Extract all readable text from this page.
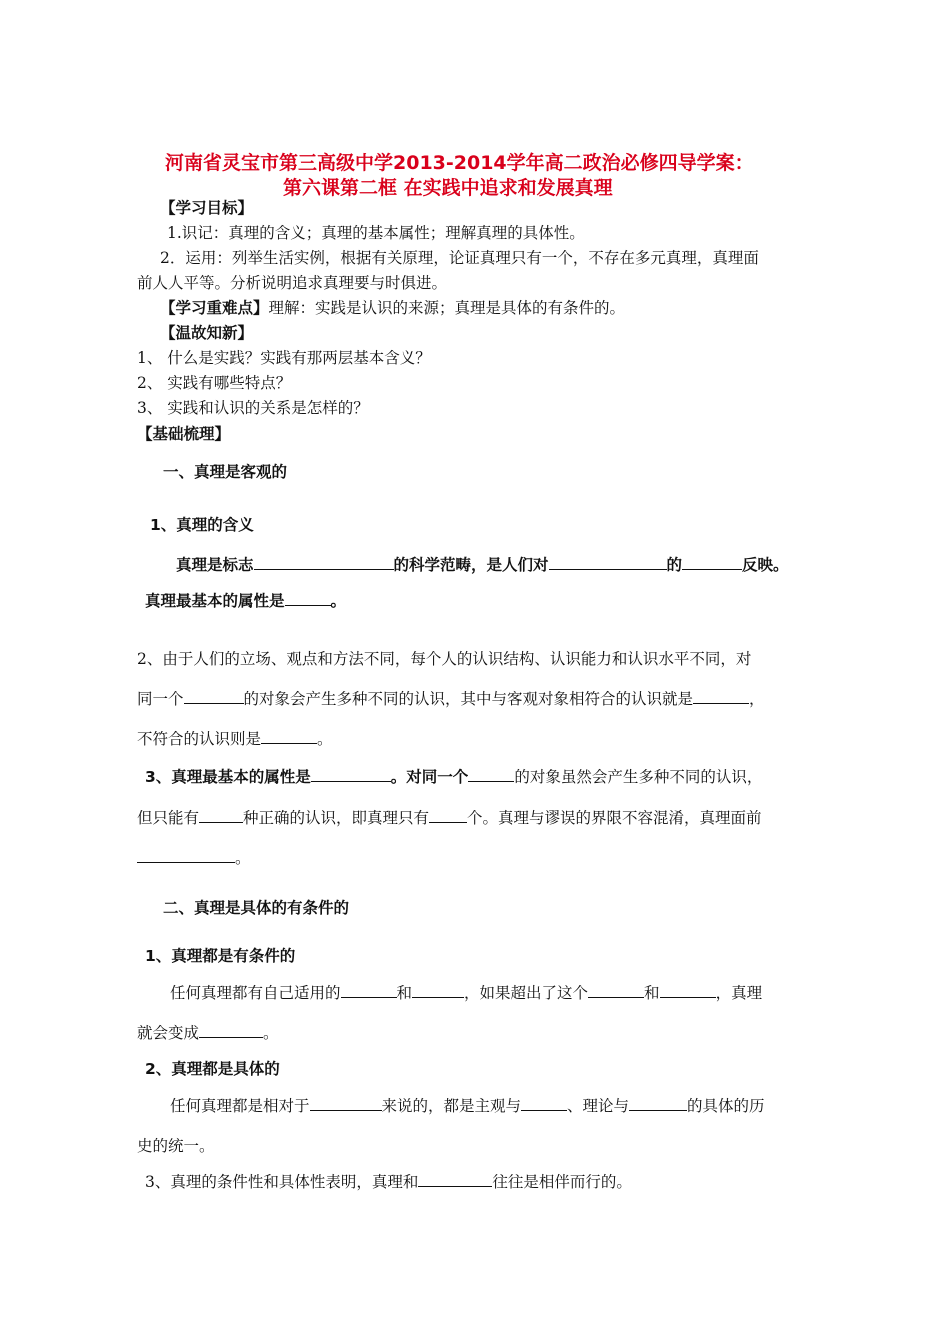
河南省灵宝市第三高级中学2013-2014学年高二政治必修四导学案：
第六课第二框 在实践中追求和发展真理
【学习目标】
1.识记：真理的含义；真理的基本属性；理解真理的具体性。
2．运用：列举生活实例，根据有关原理，论证真理只有一个，不存在多元真理，真理面
前人人平等。分析说明追求真理要与时俱进。
【学习重难点】理解：实践是认识的来源；真理是具体的有条件的。
【温故知新】
1、 什么是实践？实践有那两层基本含义？
2、 实践有哪些特点？
3、 实践和认识的关系是怎样的？
【基础梳理】
一、真理是客观的
1、真理的含义
真理是标志	的科学范畴，是人们对	的	反映。
真理最基本的属性是	。
2、由于人们的立场、观点和方法不同，每个人的认识结构、认识能力和认识水平不同，对
同一个	的对象会产生多种不同的认识，其中与客观对象相符合的认识就是	，
不符合的认识则是	。
3、真理最基本的属性是	。对同一个	的对象虽然会产生多种不同的认识，
但只能有	种正确的认识，即真理只有 个。真理与谬误的界限不容混淆，真理面前
。
二、真理是具体的有条件的
1、真理都是有条件的
任何真理都有自己适用的	和	，如果超出了这个	和	，真理
就会变成	。
2、真理都是具体的
任何真理都是相对于	来说的，都是主观与	、理论与	的具体的历
史的统一。
3、真理的条件性和具体性表明，真理和	往往是相伴而行的。
